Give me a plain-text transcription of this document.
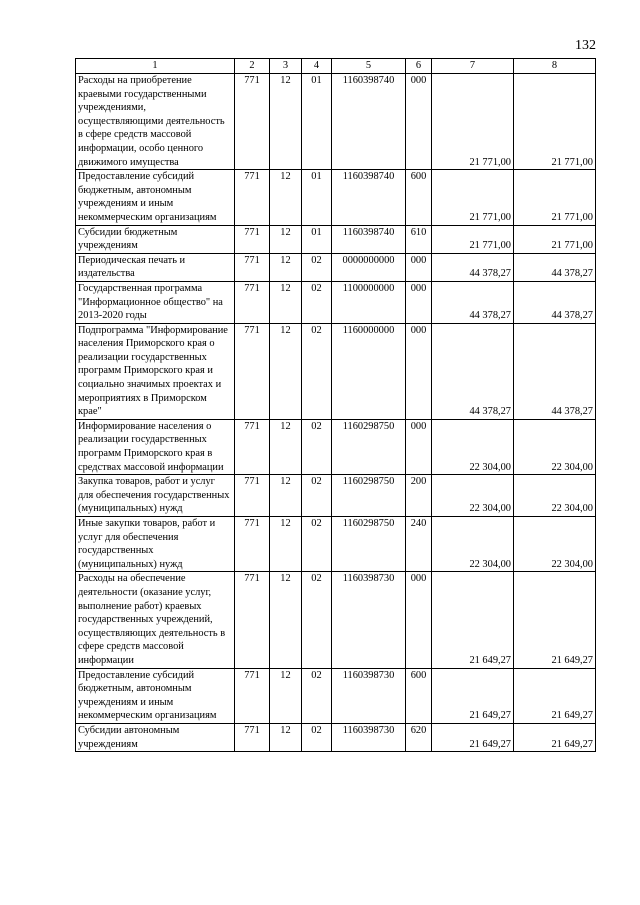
132
1	2	3	4	5	6	7	8
Расходы на приобретение краевыми государственными учреждениями, осуществляющими деятельность в сфере средств массовой информации, особо ценного движимого имущества	771	12	01	1160398740	000	21 771,00	21 771,00
Предоставление субсидий бюджетным, автономным учреждениям и иным некоммерческим организациям	771	12	01	1160398740	600	21 771,00	21 771,00
Субсидии бюджетным учреждениям	771	12	01	1160398740	610	21 771,00	21 771,00
Периодическая печать и издательства	771	12	02	0000000000	000	44 378,27	44 378,27
Государственная программа "Информационное общество" на 2013-2020 годы	771	12	02	1100000000	000	44 378,27	44 378,27
Подпрограмма "Информирование населения Приморского края о реализации государственных программ Приморского края и социально значимых проектах и мероприятиях в Приморском крае"	771	12	02	1160000000	000	44 378,27	44 378,27
Информирование населения о реализации государственных программ Приморского края в средствах массовой информации	771	12	02	1160298750	000	22 304,00	22 304,00
Закупка товаров, работ и услуг для обеспечения государственных (муниципальных) нужд	771	12	02	1160298750	200	22 304,00	22 304,00
Иные закупки товаров, работ и услуг для обеспечения государственных (муниципальных) нужд	771	12	02	1160298750	240	22 304,00	22 304,00
Расходы на обеспечение деятельности (оказание услуг, выполнение работ) краевых государственных учреждений, осуществляющих деятельность в сфере средств массовой информации	771	12	02	1160398730	000	21 649,27	21 649,27
Предоставление субсидий бюджетным, автономным учреждениям и иным некоммерческим организациям	771	12	02	1160398730	600	21 649,27	21 649,27
Субсидии автономным учреждениям	771	12	02	1160398730	620	21 649,27	21 649,27
